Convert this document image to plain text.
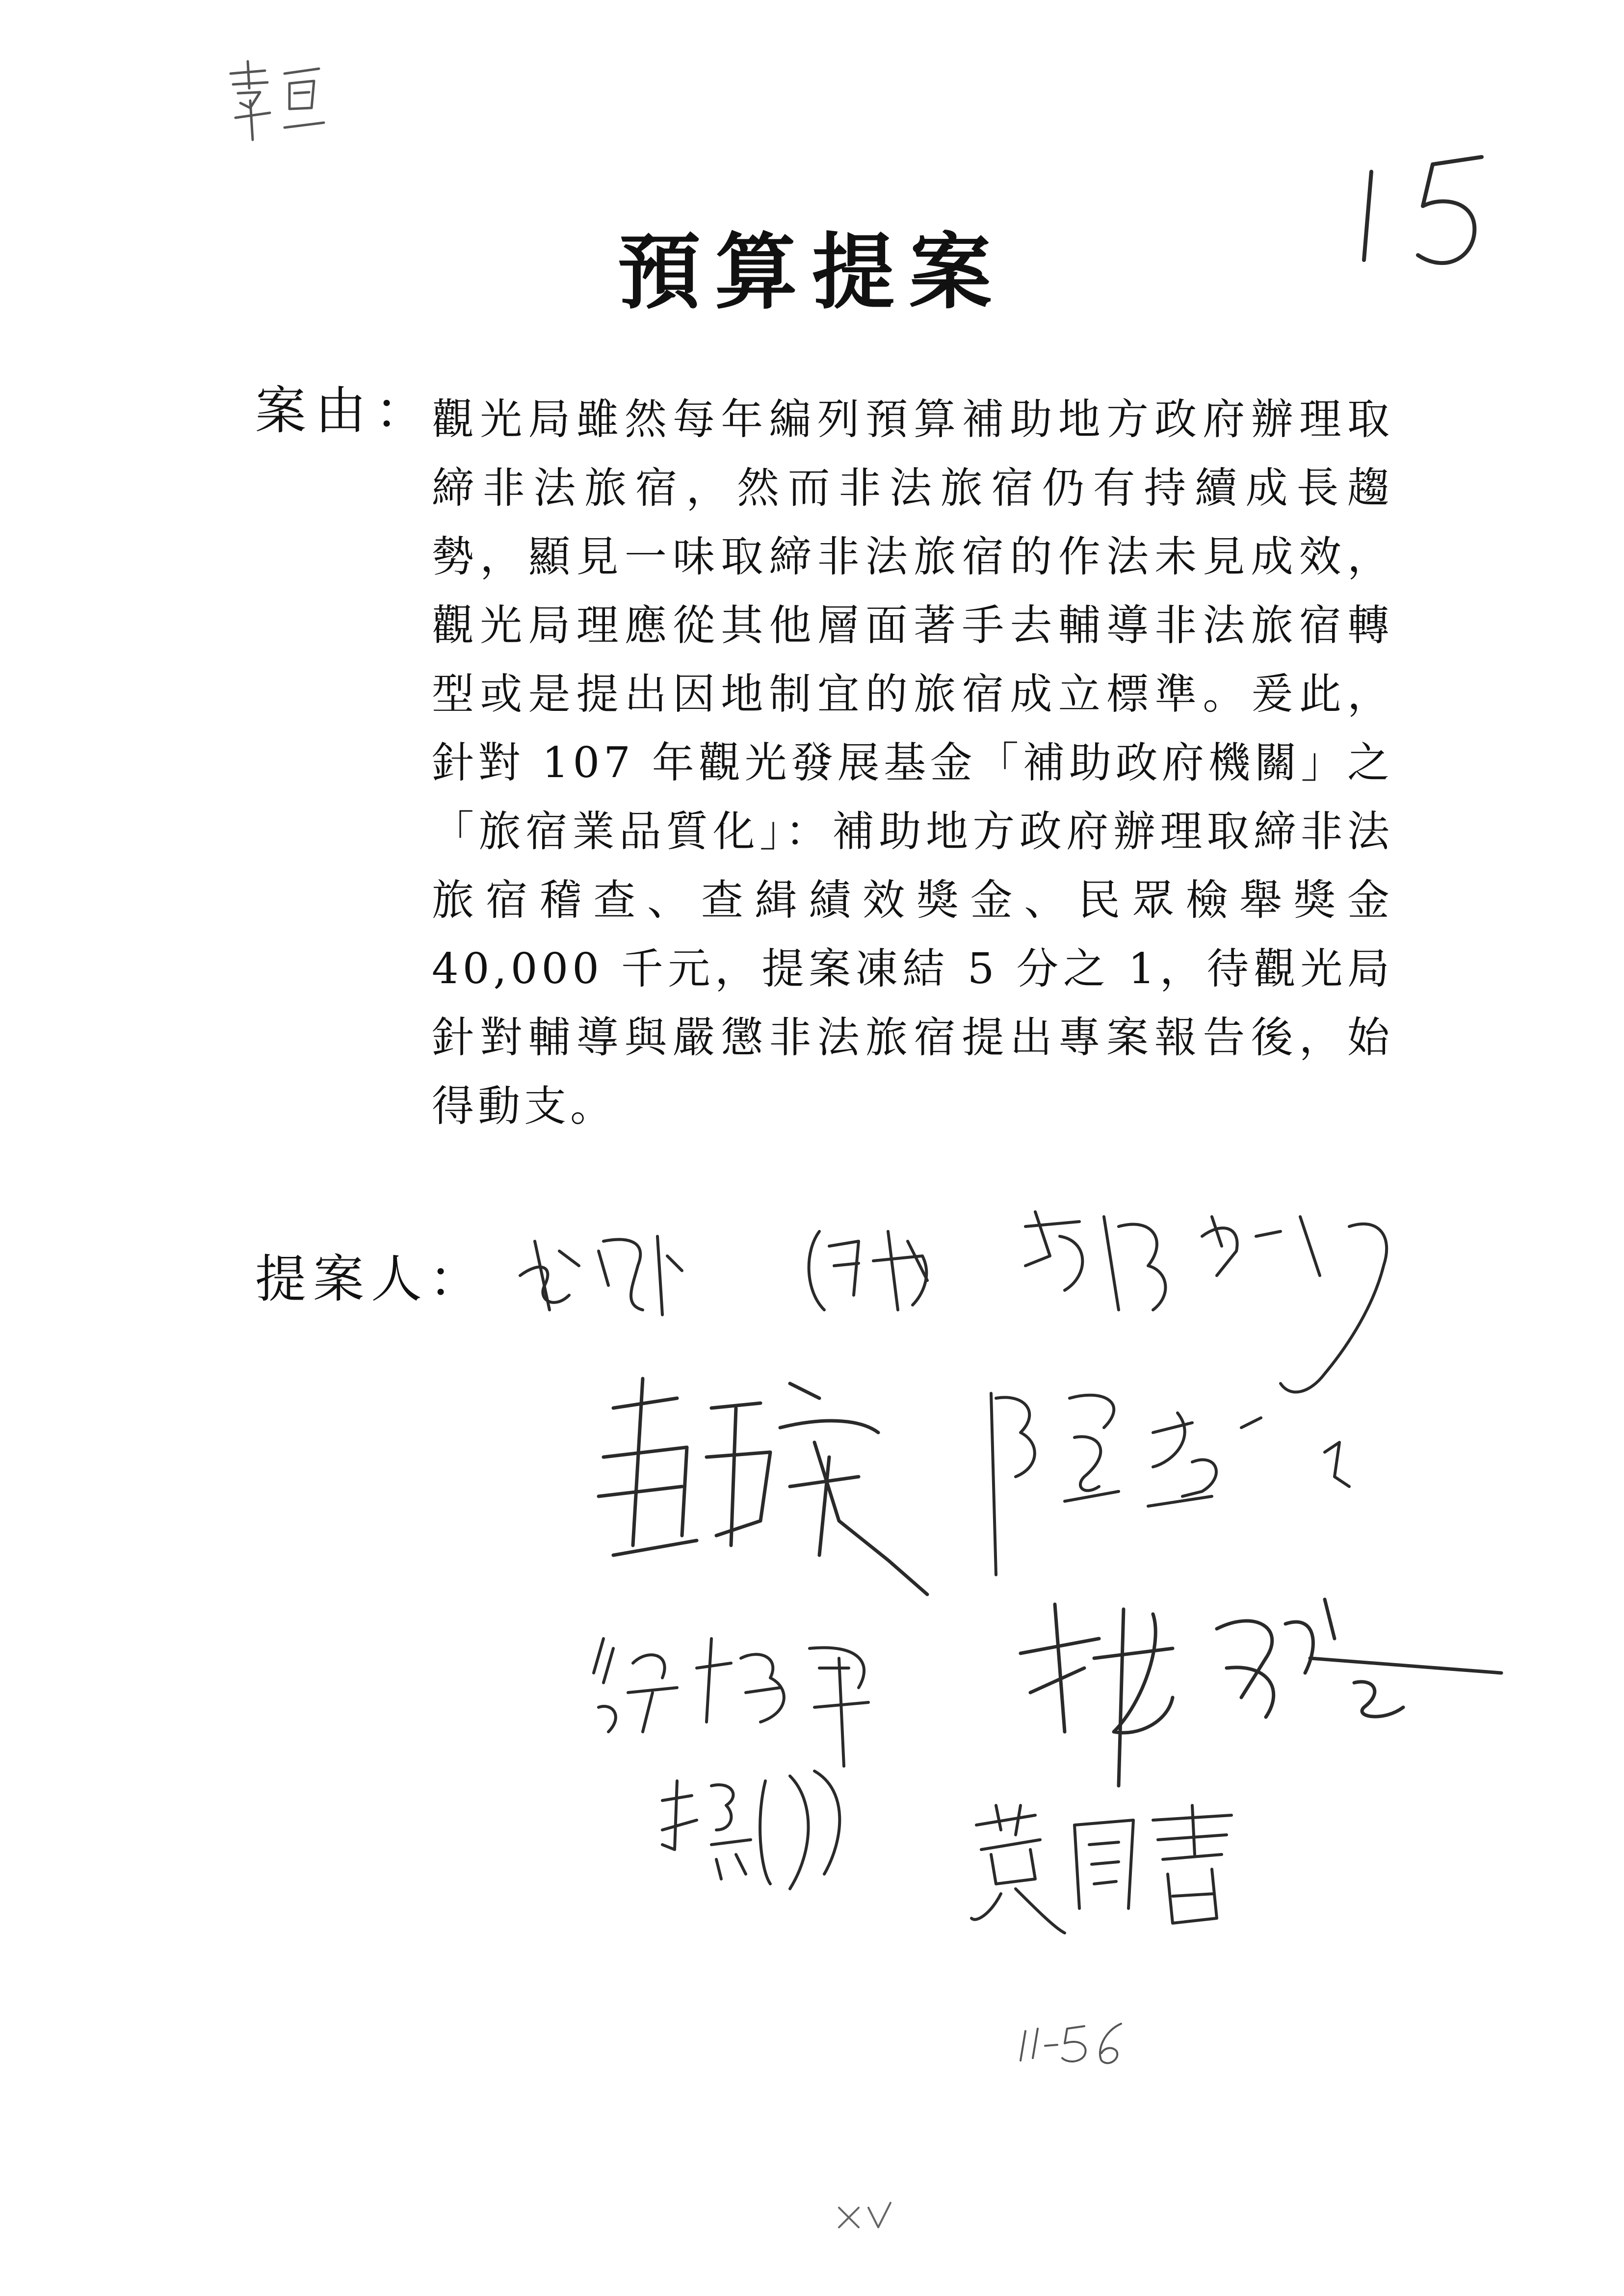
預算提案
案由：
觀光局雖然每年編列預算補助地方政府辦理取締非法旅宿，然而非法旅宿仍有持續成長趨勢，顯見一味取締非法旅宿的作法未見成效，觀光局理應從其他層面著手去輔導非法旅宿轉型或是提出因地制宜的旅宿成立標準。爰此，針對 107 年觀光發展基金「補助政府機關」之「旅宿業品質化」：補助地方政府辦理取締非法旅宿稽查、查緝績效獎金、民眾檢舉獎金 40,000 千元，提案凍結 5 分之 1，待觀光局針對輔導與嚴懲非法旅宿提出專案報告後，始得動支。
提案人：
